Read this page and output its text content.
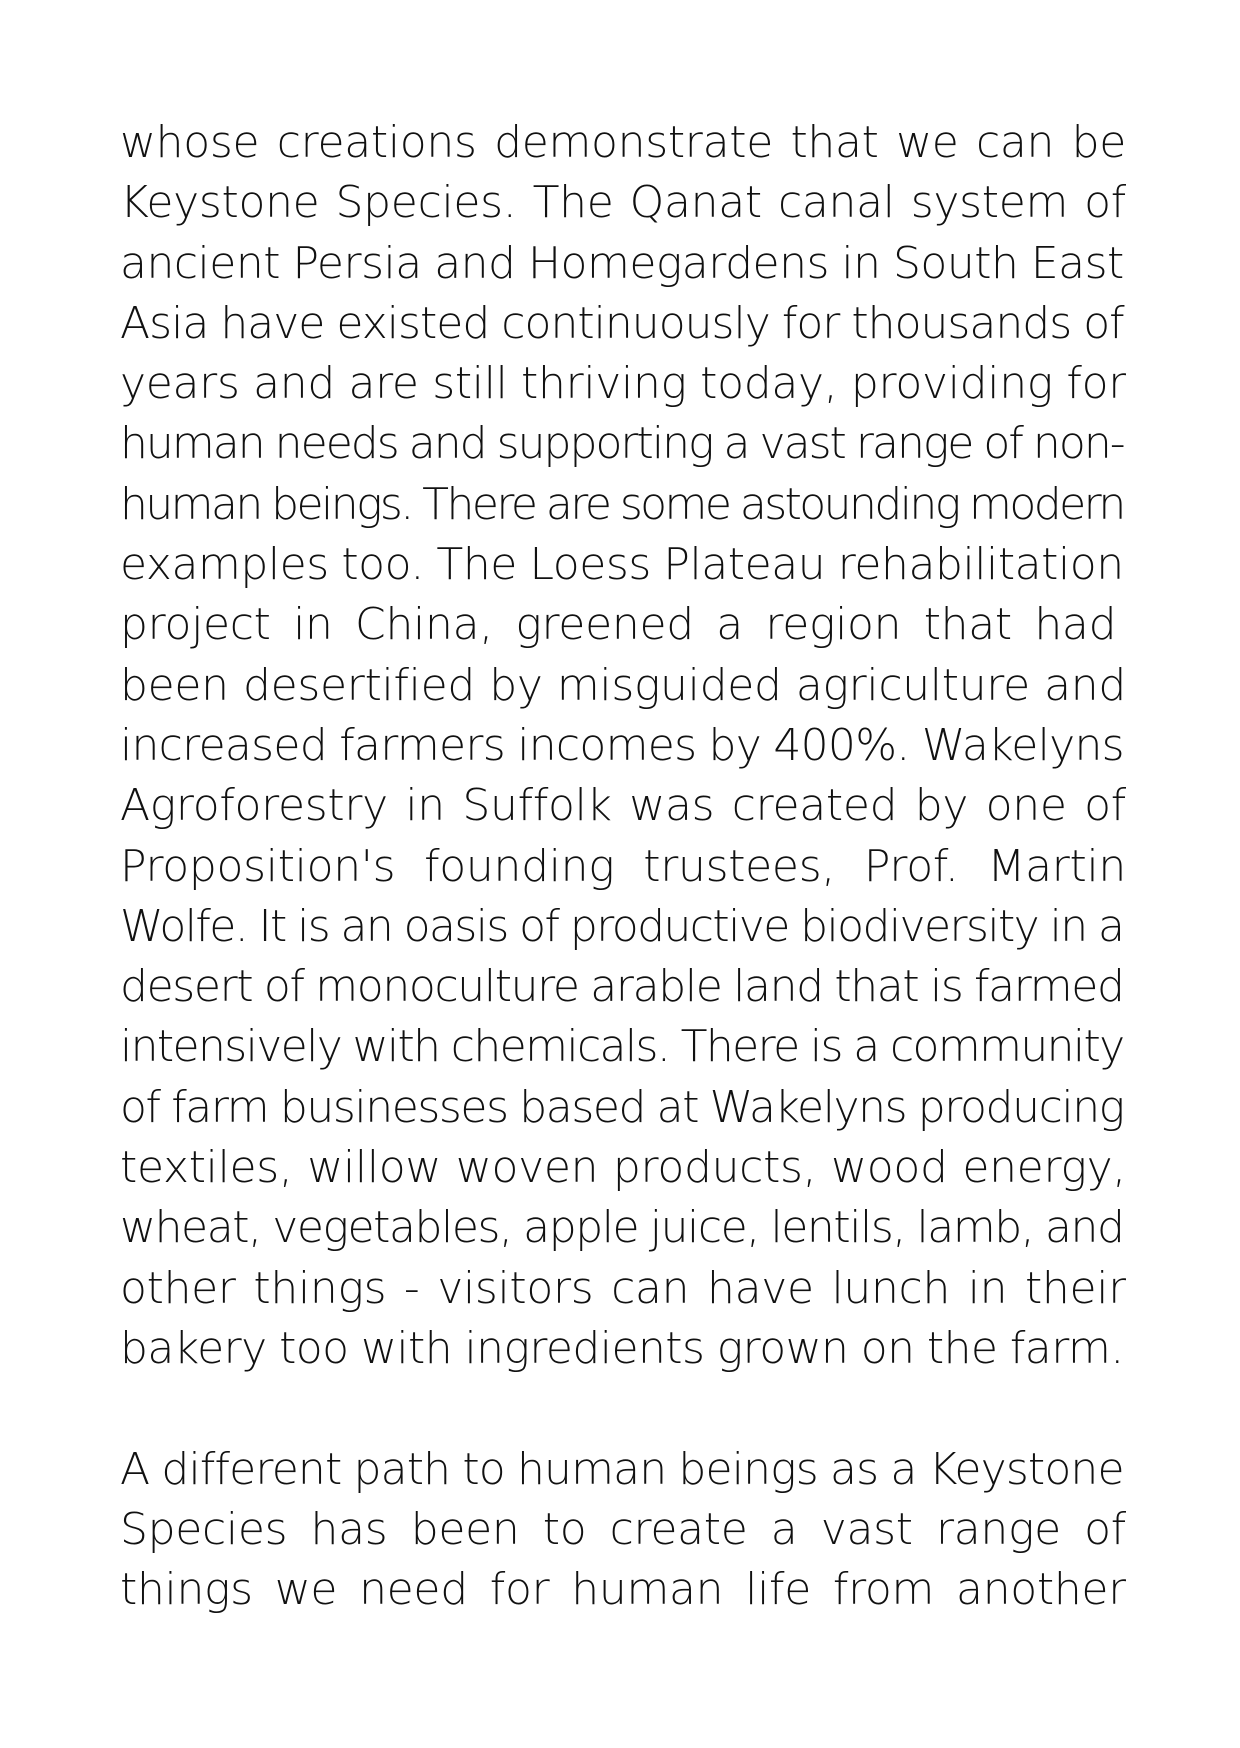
whose creations demonstrate that we can be
Keystone Species. The Qanat canal system of
ancient Persia and Homegardens in South East
Asia have existed continuously for thousands of
years and are still thriving today, providing for
human needs and supporting a vast range of non-
human beings. There are some astounding modern
examples too. The Loess Plateau rehabilitation
project in China, greened a region that had
been desertified by misguided agriculture and
increased farmers incomes by 400%. Wakelyns
Agroforestry in Suffolk was created by one of
Proposition's founding trustees, Prof. Martin
Wolfe. It is an oasis of productive biodiversity in a
desert of monoculture arable land that is farmed
intensively with chemicals. There is a community
of farm businesses based at Wakelyns producing
textiles, willow woven products, wood energy,
wheat, vegetables, apple juice, lentils, lamb, and
other things - visitors can have lunch in their
bakery too with ingredients grown on the farm.

A different path to human beings as a Keystone
Species has been to create a vast range of
things we need for human life from another
